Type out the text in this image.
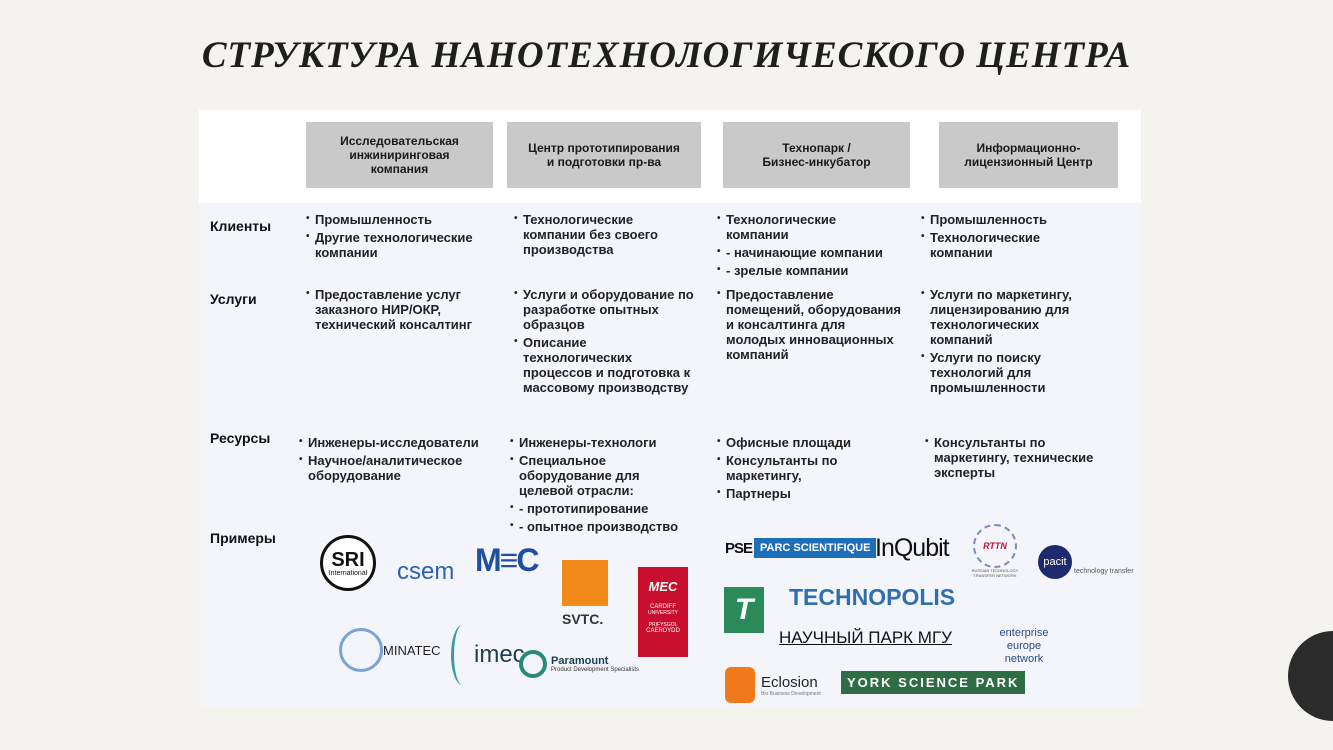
СТРУКТУРА НАНОТЕХНОЛОГИЧЕСКОГО ЦЕНТРА
Исследовательская
инжиниринговая
компания
Центр прототипирования
и подготовки пр-ва
Технопарк /
Бизнес-инкубатор
Информационно-
лицензионный Центр
Клиенты
Услуги
Ресурсы
Примеры
• Промышленность
• Другие технологические
компании
• Технологические
компании без своего
производства
• Технологические
компании
• - начинающие компании
• - зрелые компании
• Промышленность
• Технологические
компании
• Предоставление услуг
заказного НИР/ОКР,
технический консалтинг
• Услуги и оборудование по
разработке опытных
образцов
• Описание
технологических
процессов и подготовка к
массовому производству
• Предоставление
помещений, оборудования
и консалтинга для
молодых инновационных
компаний
• Услуги по маркетингу,
лицензированию для
технологических
компаний
• Услуги по поиску
технологий для
промышленности
• Инженеры-исследователи
• Научное/аналитическое
оборудование
• Инженеры-технологи
• Специальное
оборудование для
целевой отрасли:
• - прототипирование
• - опытное производство
• Офисные площади
• Консультанты по
маркетингу,
• Партнеры
• Консультанты по
маркетингу, технические
эксперты
SRI
International csem M≡C
SVTC.
MEC
CARDIFF
UNIVERSITY
PRIFYSGOL
CAERDYDD
MINATEC imec Paramount
Product Development Specialists
PSE PARC SCIENTIFIQUE InQubit
T	TECHNOPOLIS
НАУЧНЫЙ ПАРК МГУ
Eclosion
Bio Business Development
YORK SCIENCE PARK
RTTN
RUSSIAN TECHNOLOGY TRANSFER NETWORK
pacit
technology transfer
enterprise
europe
network
